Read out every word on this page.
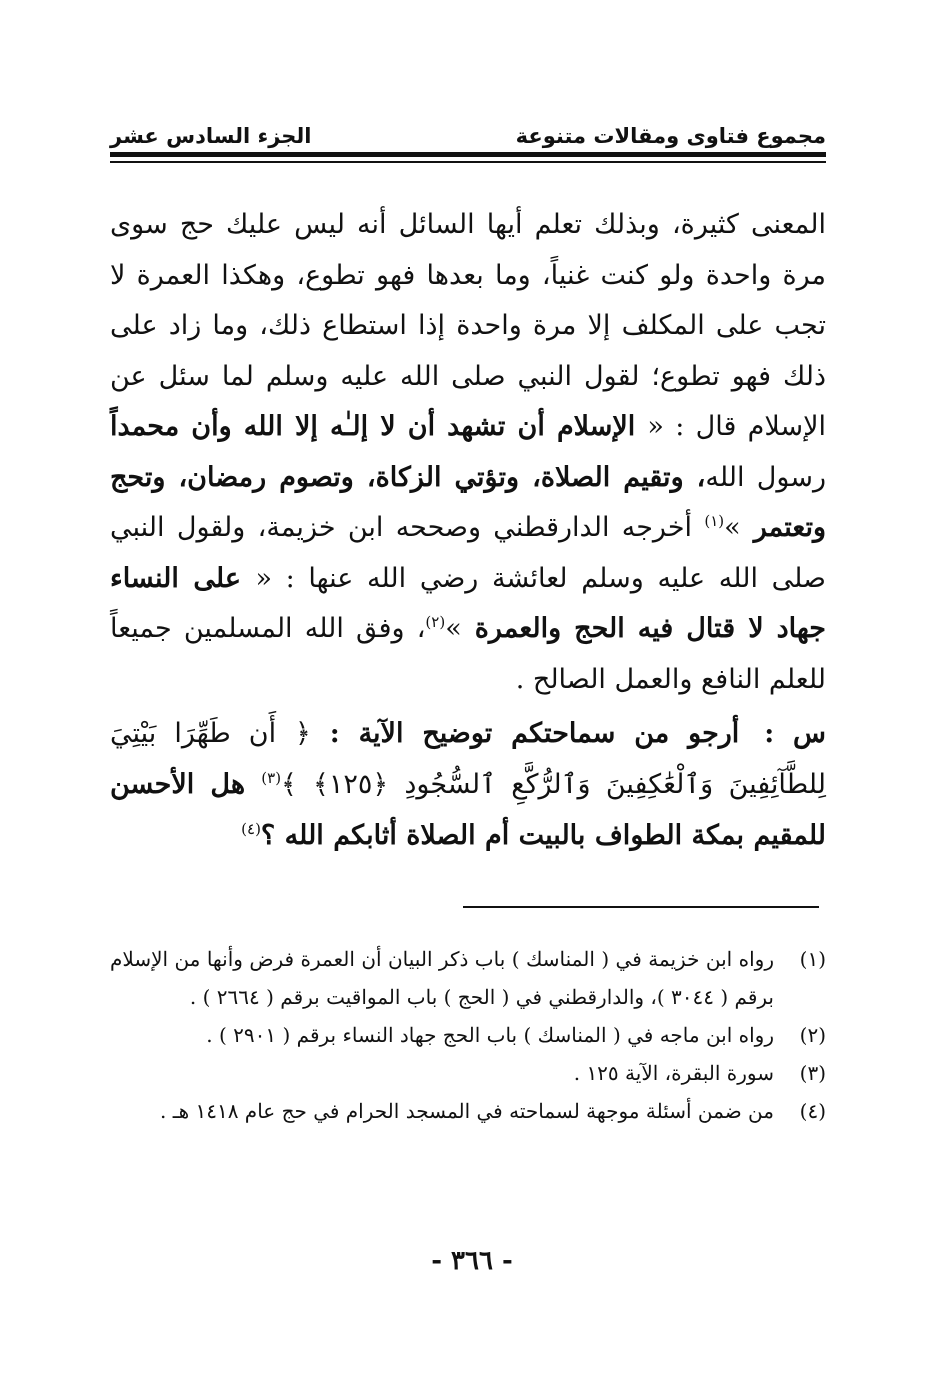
مجموع فتاوى ومقالات متنوعة
الجزء السادس عشر

المعنى كثيرة، وبذلك تعلم أيها السائل أنه ليس عليك حج سوى مرة واحدة ولو كنت غنياً، وما بعدها فهو تطوع، وهكذا العمرة لا تجب على المكلف إلا مرة واحدة إذا استطاع ذلك، وما زاد على ذلك فهو تطوع؛ لقول النبي صلى الله عليه وسلم لما سئل عن الإسلام قال : « الإسلام أن تشهد أن لا إلـٰه إلا الله وأن محمداً رسول الله، وتقيم الصلاة، وتؤتي الزكاة، وتصوم رمضان، وتحج وتعتمر »$^{(١)}$ أخرجه الدارقطني وصححه ابن خزيمة، ولقول النبي صلى الله عليه وسلم لعائشة رضي الله عنها : « على النساء جهاد لا قتال فيه الحج والعمرة »$^{(٢)}$، وفق الله المسلمين جميعاً للعلم النافع والعمل الصالح .

س : أرجو من سماحتكم توضيح الآية : ﴿ أَن طَهِّرَا بَيْتِيَ لِلطَّآئِفِينَ وَٱلْعَٰكِفِينَ وَٱلرُّكَّعِ ٱلسُّجُودِ ﴿١٢٥﴾ ﴾$^{(٣)}$ هل الأحسن للمقيم بمكة الطواف بالبيت أم الصلاة أثابكم الله ؟$^{(٤)}$
(١)
رواه ابن خزيمة في ( المناسك ) باب ذكر البيان أن العمرة فرض وأنها من الإسلام برقم ( ٣٠٤٤ )، والدارقطني في ( الحج ) باب المواقيت برقم ( ٢٦٦٤ ) .
(٢)
رواه ابن ماجه في ( المناسك ) باب الحج جهاد النساء برقم ( ٢٩٠١ ) .
(٣)
سورة البقرة، الآية ١٢٥ .
(٤)
من ضمن أسئلة موجهة لسماحته في المسجد الحرام في حج عام ١٤١٨ هـ .
- ٣٦٦ -
